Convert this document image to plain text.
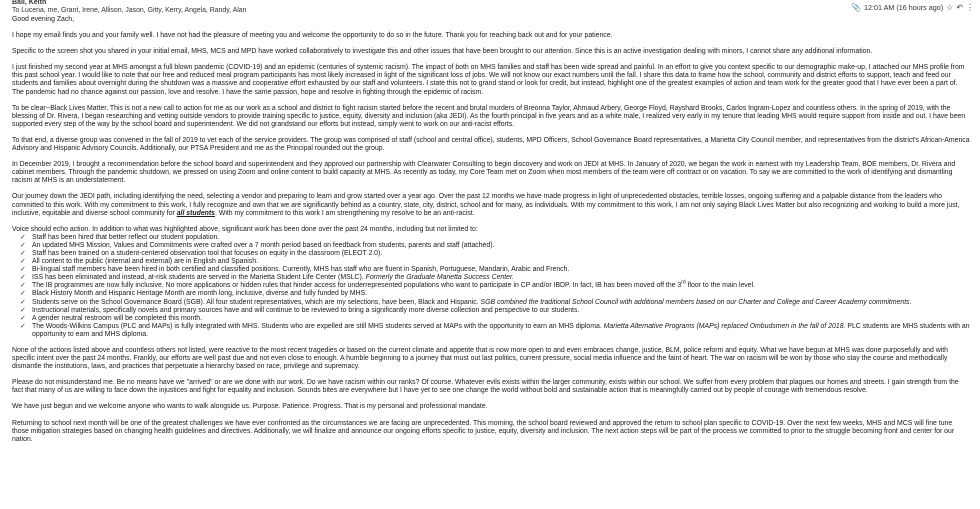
Ball, Keith
To Lucena, me, Grant, Irene, Allison, Jason, Gitty, Kerry, Angela, Randy, Alan	📎 12:01 AM (16 hours ago) ☆ ↶ ⋮

Good evening Zach,

I hope my email finds you and your family well. I have not had the pleasure of meeting you and welcome the opportunity to do so in the future. Thank you for reaching back out and for your patience.

Specific to the screen shot you shared in your initial email, MHS, MCS and MPD have worked collaboratively to investigate this and other issues that have been brought to our attention. Since this is an active investigation dealing with minors, I cannot share any additional information.

I just finished my second year at MHS amongst a full blown pandemic (COVID-19) and an epidemic (centuries of systemic racism). The impact of both on MHS families and staff has been wide spread and painful. In an effort to give you context specific to our demographic make-up, I attached our MHS profile from this past school year. I would like to note that our free and reduced meal program participants has most likely increased in light of the significant loss of jobs. We will not know our exact numbers until the fall. I share this data to frame how the school, community and district efforts to support, teach and feed our students and families about overnight during the shutdown was a massive and cooperative effort exhausted by our staff and volunteers. I state this not to grand stand or look for credit, but instead, highlight one of the greatest examples of action and team work for the greater good that I have ever been a part of. The pandemic had no chance against our passion, love and resolve. I have the same passion, hope and resolve in fighting through the epidemic of racism.

To be clear--Black Lives Matter. This is not a new call to action for me as our work as a school and district to fight racism started before the recent and brutal murders of Breonna Taylor, Ahmaud Arbery, George Floyd, Rayshard Brooks, Carlos Ingram-Lopez and countless others. In the spring of 2019, with the blessing of Dr. Rivera, I began researching and vetting outside vendors to provide training specific to justice, equity, diversity and inclusion (aka JEDI). As the fourth principal in five years and as a white male, I realized very early in my tenure that leading MHS would require support from inside and out. I have been supported every step of the way by the school board and superintendent. We did not grandstand our efforts but instead, simply went to work on our anti-racist efforts.

To that end, a diverse group was convened in the fall of 2019 to vet each of the service providers. The group was comprised of staff (school and central office), students, MPD Officers, School Governance Board representatives, a Marietta City Council member, and representatives from the district's African-America Advisory and Hispanic Advisory Councils. Additionally, our PTSA President and me as the Principal rounded out the group.

In December 2019, I brought a recommendation before the school board and superintendent and they approved our partnership with Clearwater Consulting to begin discovery and work on JEDI at MHS. In January of 2020, we began the work in earnest with my Leadership Team, BOE members, Dr. Rivera and cabinet members. Through the pandemic shutdown, we pressed on using Zoom and online content to build capacity at MHS. As recently as today, my Core Team met on Zoom when most members of the team were off contract or on vacation. To say we are committed to the work of identifying and dismantling racism at MHS is an understatement.

Our journey down the JEDI path, including identifying the need, selecting a vendor and preparing to learn and grow started over a year ago. Over the past 12 months we have made progress in light of unprecedented obstacles, terrible losses, ongoing suffering and a palpable distance from the leaders who committed to this work. With my commitment to this work, I fully recognize and own that we are significantly behind as a country, state, city, district, school and for many, as individuals. With my commitment to this work, I am not only saying Black Lives Matter but also recognizing and working to build a more just, inclusive, equitable and diverse school community for all students. With my commitment to this work I am strengthening my resolve to be an anti-racist.

Voice should echo action. In addition to what was highlighted above, significant work has been done over the past 24 months, including but not limited to:
✓ Staff has been hired that better reflect our student population.
✓ An updated MHS Mission, Values and Commitments were crafted over a 7 month period based on feedback from students, parents and staff (attached).
✓ Staff has been trained on a student-centered observation tool that focuses on equity in the classroom (ELEOT 2.0).
✓ All content to the public (internal and external) are in English and Spanish.
✓ Bi-lingual staff members have been hired in both certified and classified positions. Currently, MHS has staff who are fluent in Spanish, Portuguese, Mandarin, Arabic and French.
✓ ISS has been eliminated and instead, at-risk students are served in the Marietta Student Life Center (MSLC). Formerly the Graduate Marietta Success Center.
✓ The IB programmes are now fully inclusive. No more applications or hidden rules that hinder access for underrepresented populations who want to participate in CP and/or IBDP. In fact, IB has been moved off the 3rd floor to the main level.
✓ Black History Month and Hispanic Heritage Month are month long, inclusive, diverse and fully funded by MHS.
✓ Students serve on the School Governance Board (SGB). All four student representatives, which are my selections, have been, Black and Hispanic. SGB combined the traditional School Council with additional members based on our Charter and College and Career Academy commitments.
✓ Instructional materials, specifically novels and primary sources have and will continue to be reviewed to bring a significantly more diverse collection and perspective to our students.
✓ A gender neutral restroom will be completed this month.
✓ The Woods-Wilkins Campus (PLC and MAPs) is fully integrated with MHS. Students who are expelled are still MHS students served at MAPs with the opportunity to earn an MHS diploma. Marietta Alternative Programs (MAPs) replaced Ombudsmen in the fall of 2018. PLC students are MHS students with an opportunity to earn and MHS diploma.

None of the actions listed above and countless others not listed, were reactive to the most recent tragedies or based on the current climate and appetite that is now more open to and even embraces change, justice, BLM, police reform and equity. What we have begun at MHS was done purposefully and with specific intent over the past 24 months. Frankly, our efforts are well past due and not even close to enough. A humble beginning to a journey that must out last politics, current pressure, social media influence and the faint of heart. The war on racism will be won by those who stay the course and methodically dismantle the institutions, laws, and practices that perpetuate a hierarchy based on race, privilege and supremacy.

Please do not misunderstand me. Be no means have we "arrived" or are we done with our work. Do we have racism within our ranks? Of course. Whatever evils exists within the larger community, exists within our school. We suffer from every problem that plagues our homes and streets. I gain strength from the fact that many of us are willing to face down the injustices and fight for equality and inclusion. Sounds bites are everywhere but I have yet to see one change the world without bold and sustainable action that is meaningfully carried out by people of courage with tremendous resolve.

We have just begun and we welcome anyone who wants to walk alongside us. Purpose. Patience. Progress. That is my personal and professional mandate.

Returning to school next month will be one of the greatest challenges we have ever confronted as the circumstances we are facing are unprecedented. This morning, the school board reviewed and approved the return to school plan specific to COVID-19. Over the next few weeks, MHS and MCS will fine tune those mitigation strategies based on changing health guidelines and directives. Additionally, we will finalize and announce our ongoing efforts specific to justice, equity, diversity and inclusion. The next action steps will be part of the process we committed to prior to the struggle becoming front and center for our nation.
